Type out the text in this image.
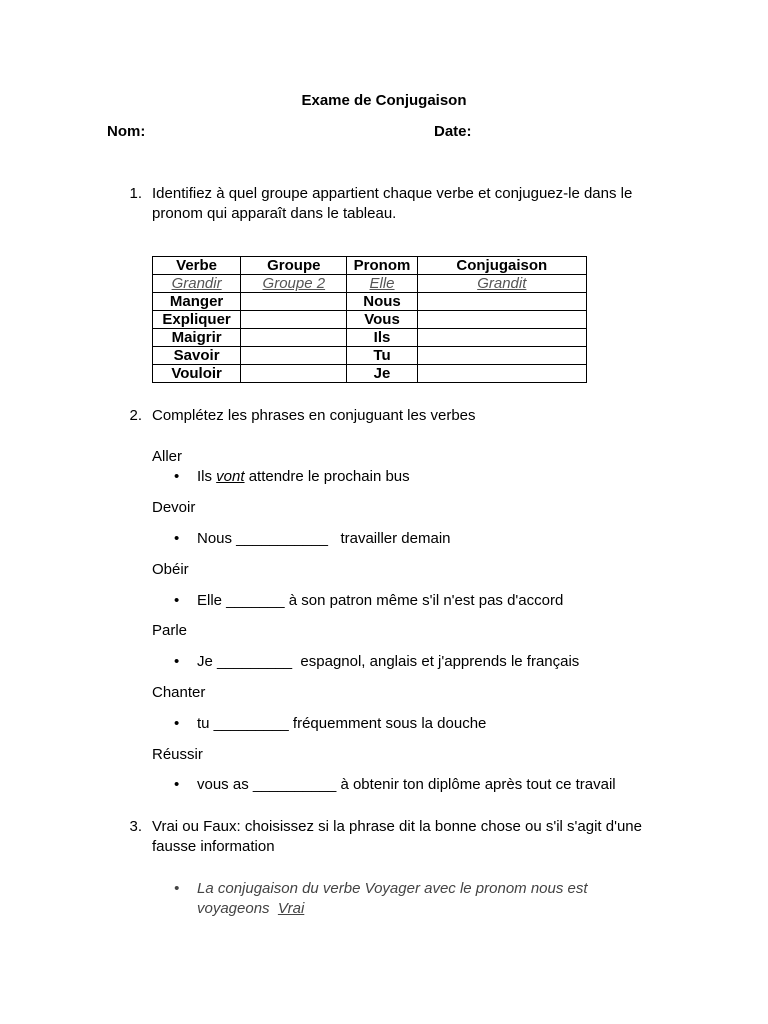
Exame de Conjugaison
Nom:	Date:
1. Identifiez à quel groupe appartient chaque verbe et conjuguez-le dans le
pronom qui apparaît dans le tableau.
Verbe	Groupe	Pronom	Conjugaison
Grandir	Groupe 2	Elle	Grandit
Manger		Nous	
Expliquer		Vous	
Maigrir		Ils	
Savoir		Tu	
Vouloir		Je	
2. Complétez les phrases en conjuguant les verbes
Aller
•	Ils vont attendre le prochain bus
Devoir
•	Nous ___________   travailler demain
Obéir
•	Elle _______ à son patron même s'il n'est pas d'accord
Parle
•	Je _________  espagnol, anglais et j'apprends le français
Chanter
•	tu _________ fréquemment sous la douche
Réussir
•	vous as __________ à obtenir ton diplôme après tout ce travail
3. Vrai ou Faux: choisissez si la phrase dit la bonne chose ou s'il s'agit d'une
fausse information
•	La conjugaison du verbe Voyager avec le pronom nous est
voyageons  Vrai
